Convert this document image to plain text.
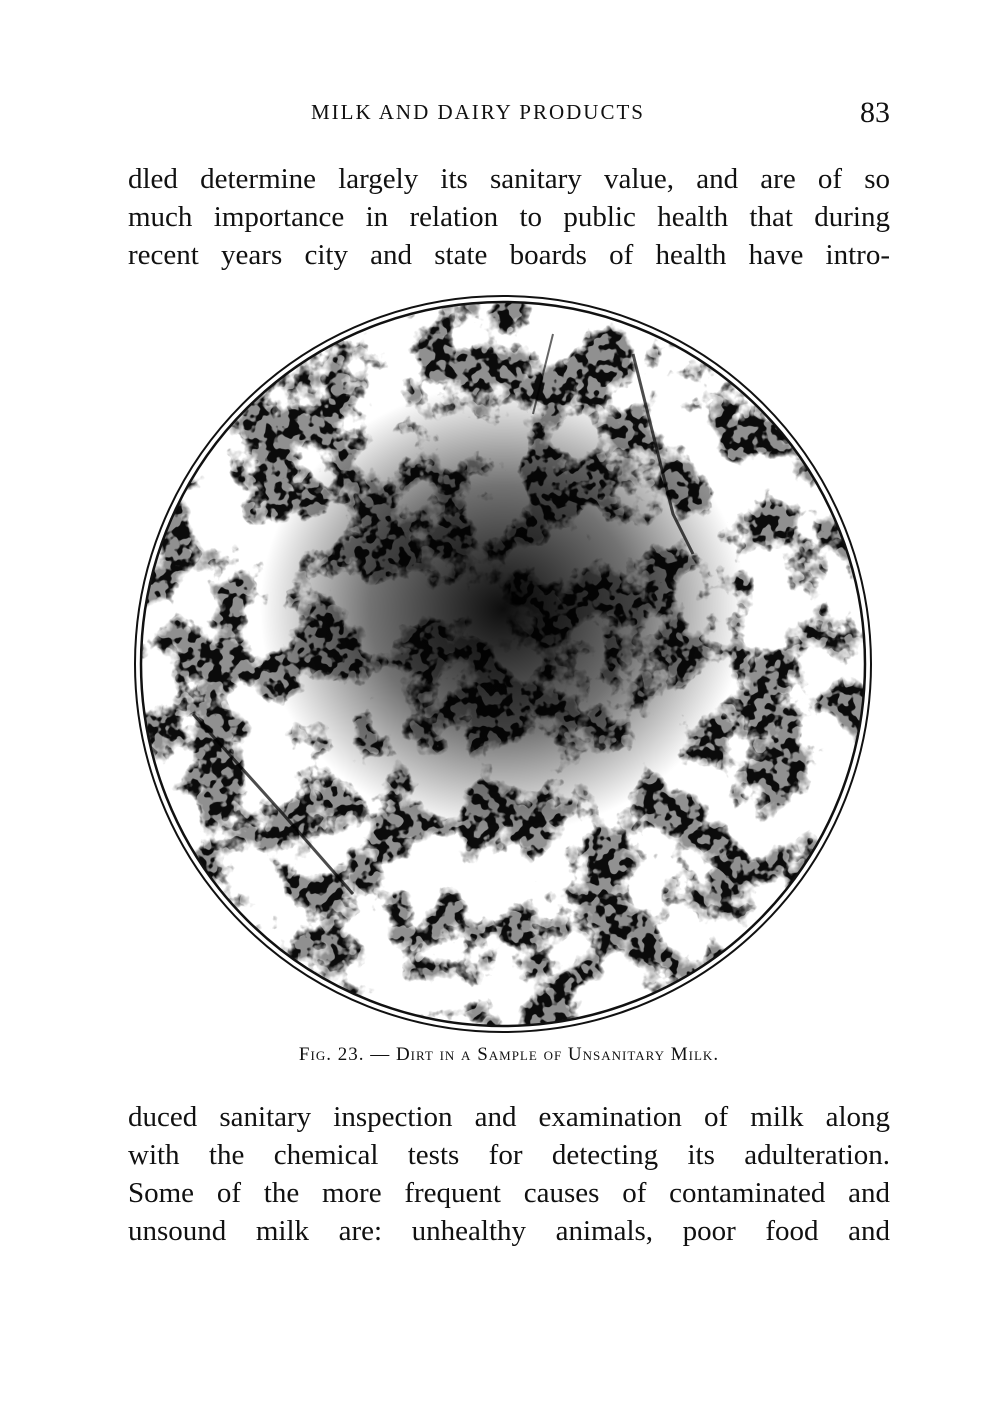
MILK AND DAIRY PRODUCTS	83
dled determine largely its sanitary value, and are of so
much importance in relation to public health that during
recent years city and state boards of health have intro-
Fig. 23. — Dirt in a Sample of Unsanitary Milk.
duced sanitary inspection and examination of milk along
with the chemical tests for detecting its adulteration.
Some of the more frequent causes of contaminated and
unsound milk are: unhealthy animals, poor food and
